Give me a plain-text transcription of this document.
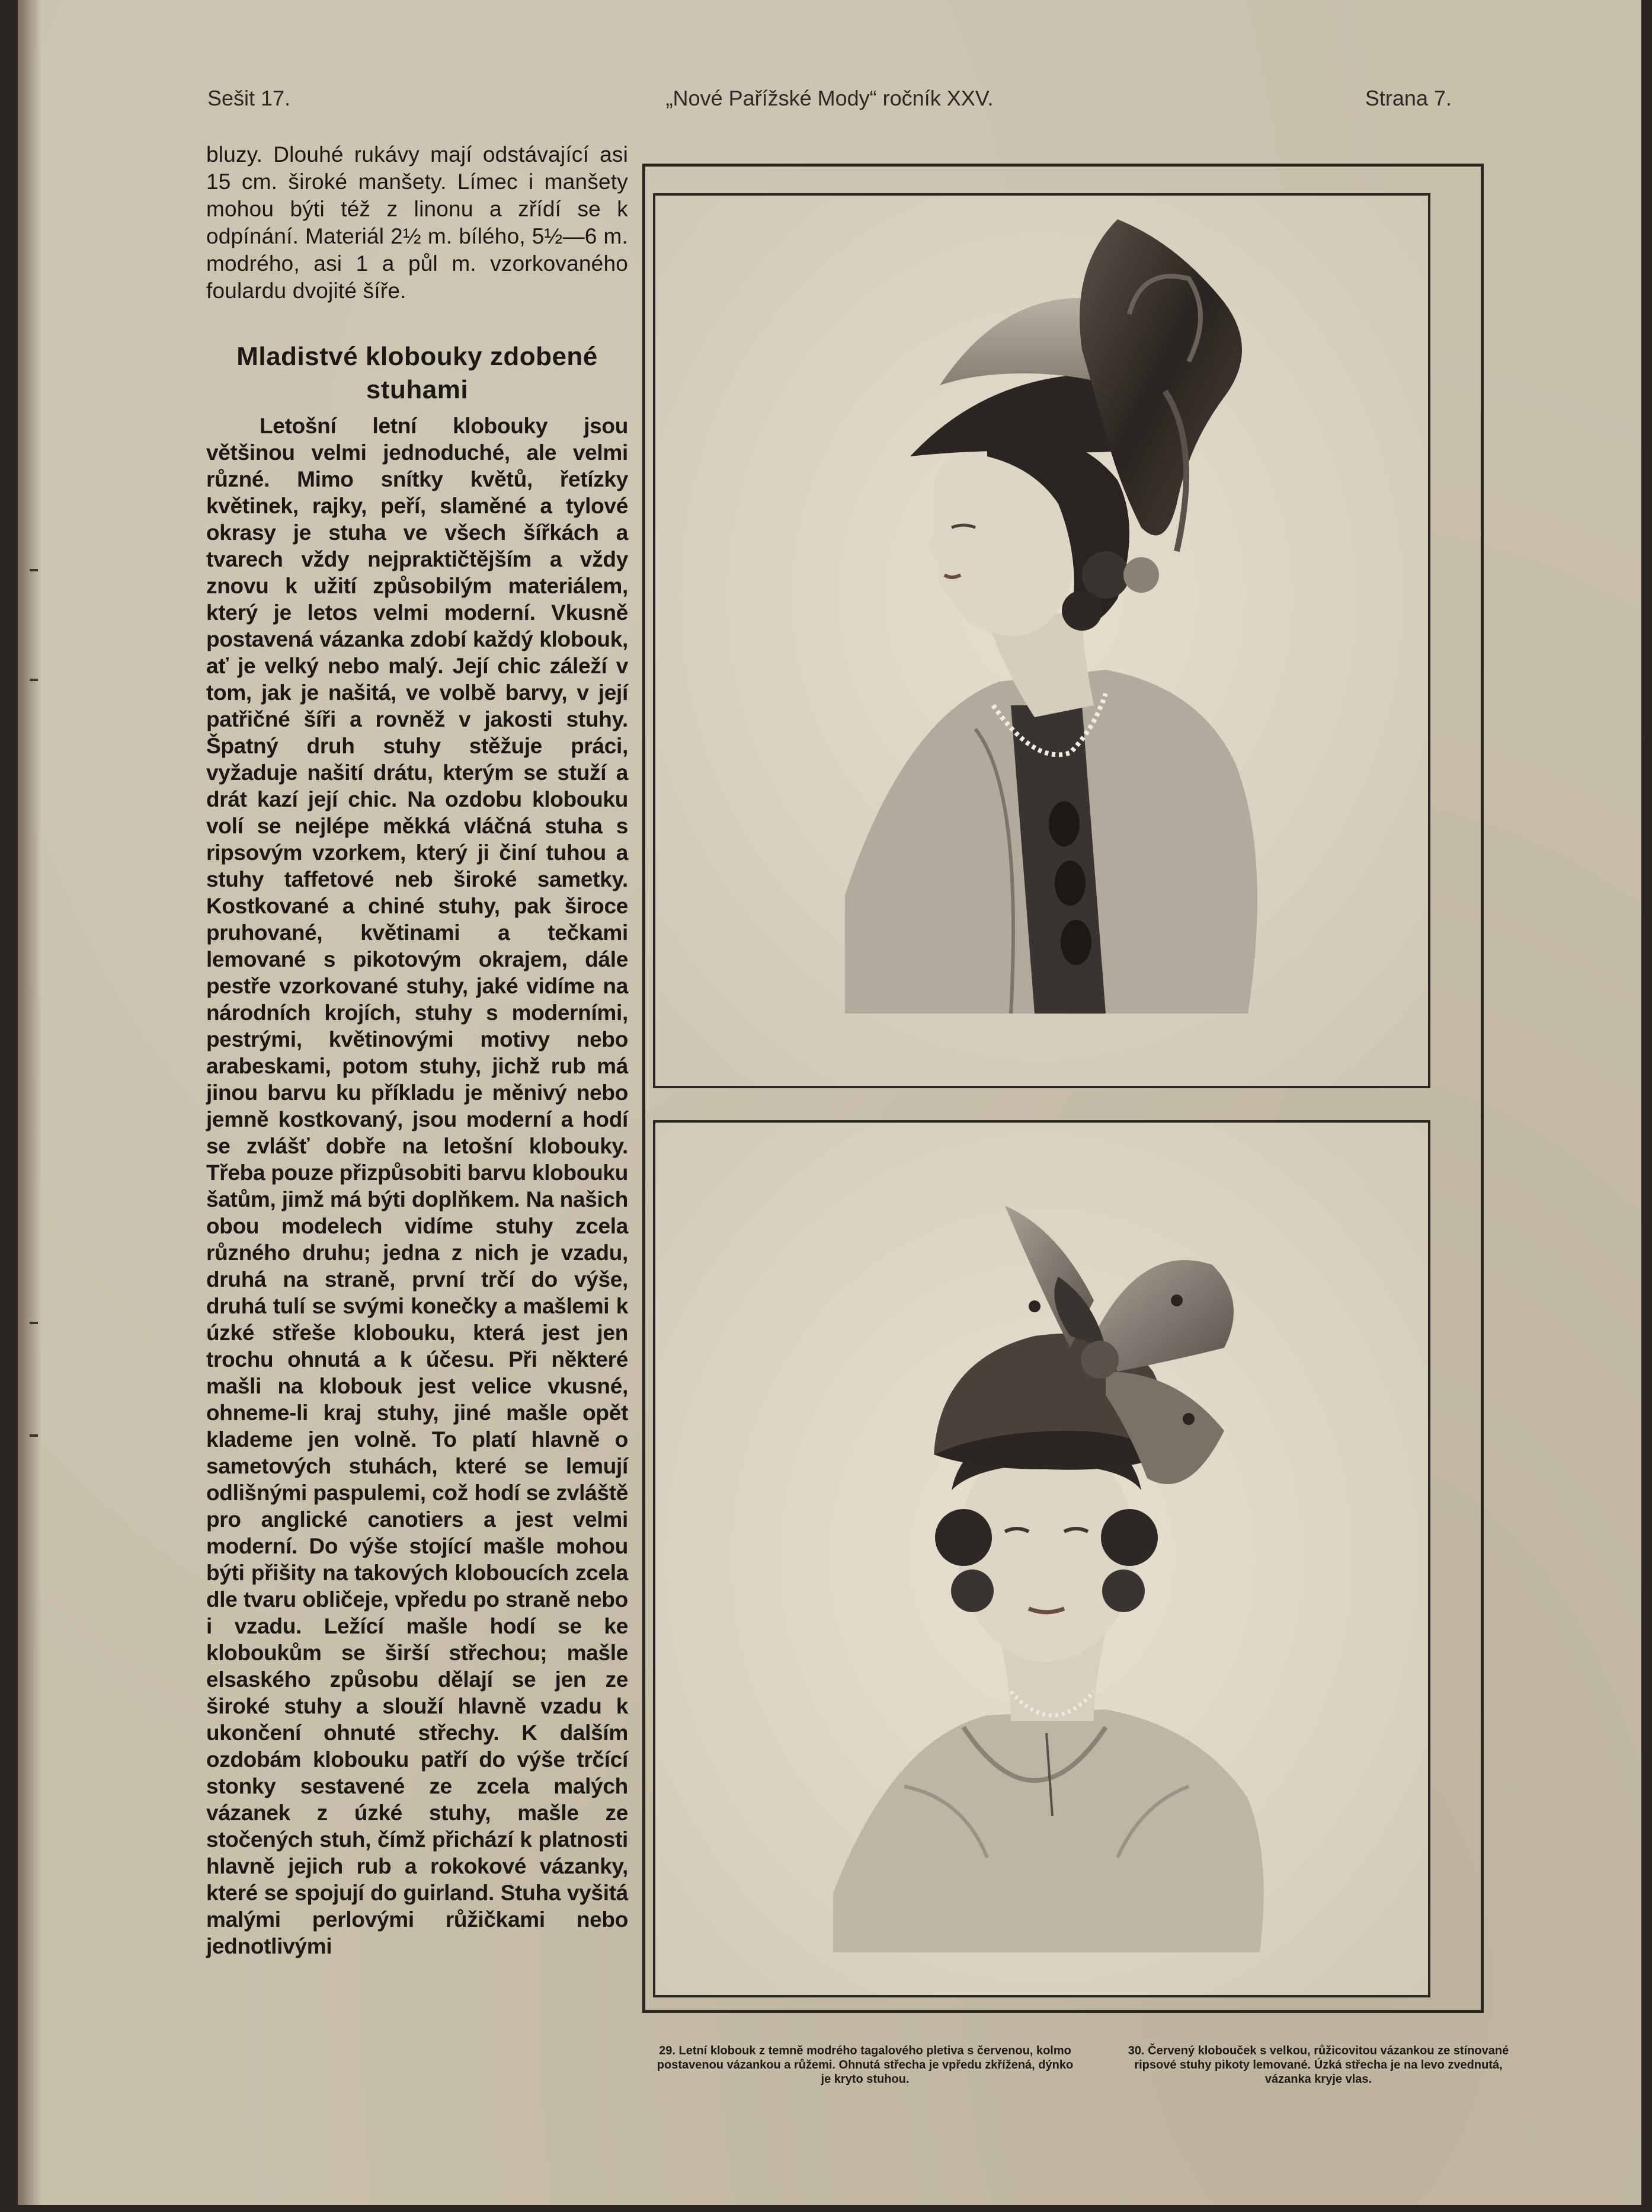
Sešit 17.	„Nové Pařížské Mody“ ročník XXV.	Strana 7.

bluzy. Dlouhé rukávy mají odstávající asi 15 cm. široké manšety. Límec i manšety mohou býti též z linonu a zřídí se k odpínání. Materiál 2½ m. bílého, 5½—6 m. modrého, asi 1 a půl m. vzorkovaného foulardu dvojité šíře.

Mladistvé klobouky zdobené stuhami

Letošní letní klobouky jsou většinou velmi jednoduché, ale velmi různé. Mimo snítky květů, řetízky květinek, rajky, peří, slaměné a tylové okrasy je stuha ve všech šířkách a tvarech vždy nejpraktičtějším a vždy znovu k užití způsobilým materiálem, který je letos velmi moderní. Vkusně postavená vázanka zdobí každý klobouk, ať je velký nebo malý. Její chic záleží v tom, jak je našitá, ve volbě barvy, v její patřičné šíři a rovněž v jakosti stuhy. Špatný druh stuhy stěžuje práci, vyžaduje našití drátu, kterým se stuží a drát kazí její chic. Na ozdobu klobouku volí se nejlépe měkká vláčná stuha s ripsovým vzorkem, který ji činí tuhou a stuhy taffetové neb široké sametky. Kostkované a chiné stuhy, pak široce pruhované, květinami a tečkami lemované s pikotovým okrajem, dále pestře vzorkované stuhy, jaké vidíme na národních krojích, stuhy s moderními, pestrými, květinovými motivy nebo arabeskami, potom stuhy, jichž rub má jinou barvu ku příkladu je měnivý nebo jemně kostkovaný, jsou moderní a hodí se zvlášť dobře na letošní klobouky. Třeba pouze přizpůsobiti barvu klobouku šatům, jimž má býti doplňkem. Na našich obou modelech vidíme stuhy zcela různého druhu; jedna z nich je vzadu, druhá na straně, první trčí do výše, druhá tulí se svými konečky a mašlemi k úzké střeše klobouku, která jest jen trochu ohnutá a k účesu. Při některé mašli na klobouk jest velice vkusné, ohneme-li kraj stuhy, jiné mašle opět klademe jen volně. To platí hlavně o sametových stuhách, které se lemují odlišnými paspulemi, což hodí se zvláště pro anglické canotiers a jest velmi moderní. Do výše stojící mašle mohou býti přišity na takových kloboucích zcela dle tvaru obličeje, vpředu po straně nebo i vzadu. Ležící mašle hodí se ke kloboukům se širší střechou; mašle elsaského způsobu dělají se jen ze široké stuhy a slouží hlavně vzadu k ukončení ohnuté střechy. K dalším ozdobám klobouku patří do výše trčící stonky sestavené ze zcela malých vázanek z úzké stuhy, mašle ze stočených stuh, čímž přichází k platnosti hlavně jejich rub a rokokové vázanky, které se spojují do guirland. Stuha vyšitá malými perlovými růžičkami nebo jednotlivými

29. Letní klobouk z temně modrého tagalového pletiva s červenou, kolmo postavenou vázankou a růžemi. Ohnutá střecha je vpředu zkřížená, dýnko je kryto stuhou.
30. Červený klobouček s velkou, růžicovitou vázankou ze stínované ripsové stuhy pikoty lemované. Úzká střecha je na levo zvednutá, vázanka kryje vlas.
